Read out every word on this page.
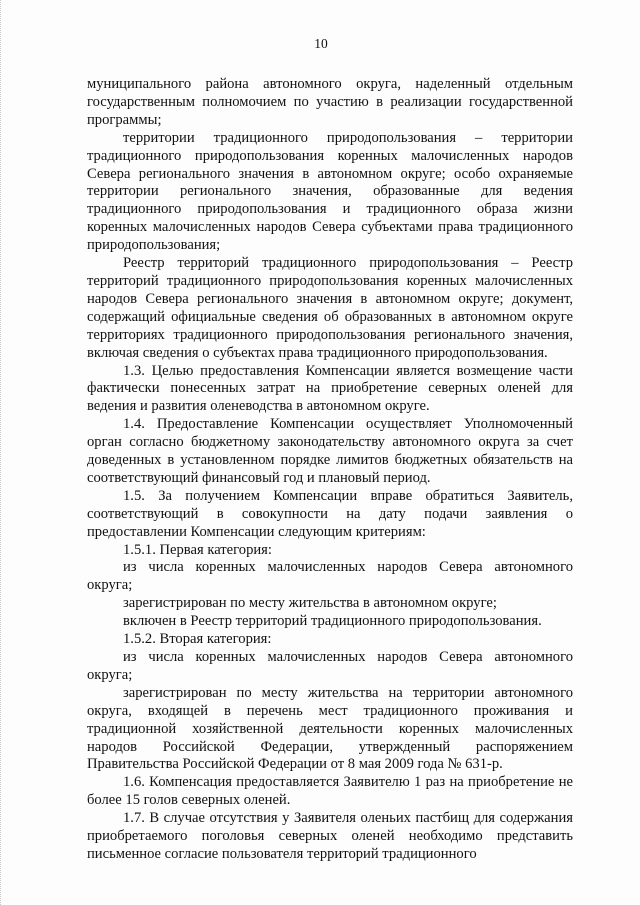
10

муниципального района автономного округа, наделенный отдельным государственным полномочием по участию в реализации государственной программы;

территории традиционного природопользования – территории традиционного природопользования коренных малочисленных народов Севера регионального значения в автономном округе; особо охраняемые территории регионального значения, образованные для ведения традиционного природопользования и традиционного образа жизни коренных малочисленных народов Севера субъектами права традиционного природопользования;

Реестр территорий традиционного природопользования – Реестр территорий традиционного природопользования коренных малочисленных народов Севера регионального значения в автономном округе; документ, содержащий официальные сведения об образованных в автономном округе территориях традиционного природопользования регионального значения, включая сведения о субъектах права традиционного природопользования.

1.3. Целью предоставления Компенсации является возмещение части фактически понесенных затрат на приобретение северных оленей для ведения и развития оленеводства в автономном округе.

1.4. Предоставление Компенсации осуществляет Уполномоченный орган согласно бюджетному законодательству автономного округа за счет доведенных в установленном порядке лимитов бюджетных обязательств на соответствующий финансовый год и плановый период.

1.5. За получением Компенсации вправе обратиться Заявитель, соответствующий в совокупности на дату подачи заявления о предоставлении Компенсации следующим критериям:

1.5.1. Первая категория:

из числа коренных малочисленных народов Севера автономного округа;

зарегистрирован по месту жительства в автономном округе;

включен в Реестр территорий традиционного природопользования.

1.5.2. Вторая категория:

из числа коренных малочисленных народов Севера автономного округа;

зарегистрирован по месту жительства на территории автономного округа, входящей в перечень мест традиционного проживания и традиционной хозяйственной деятельности коренных малочисленных народов Российской Федерации, утвержденный распоряжением Правительства Российской Федерации от 8 мая 2009 года № 631-р.

1.6. Компенсация предоставляется Заявителю 1 раз на приобретение не более 15 голов северных оленей.

1.7. В случае отсутствия у Заявителя оленьих пастбищ для содержания приобретаемого поголовья северных оленей необходимо представить письменное согласие пользователя территорий традиционного
